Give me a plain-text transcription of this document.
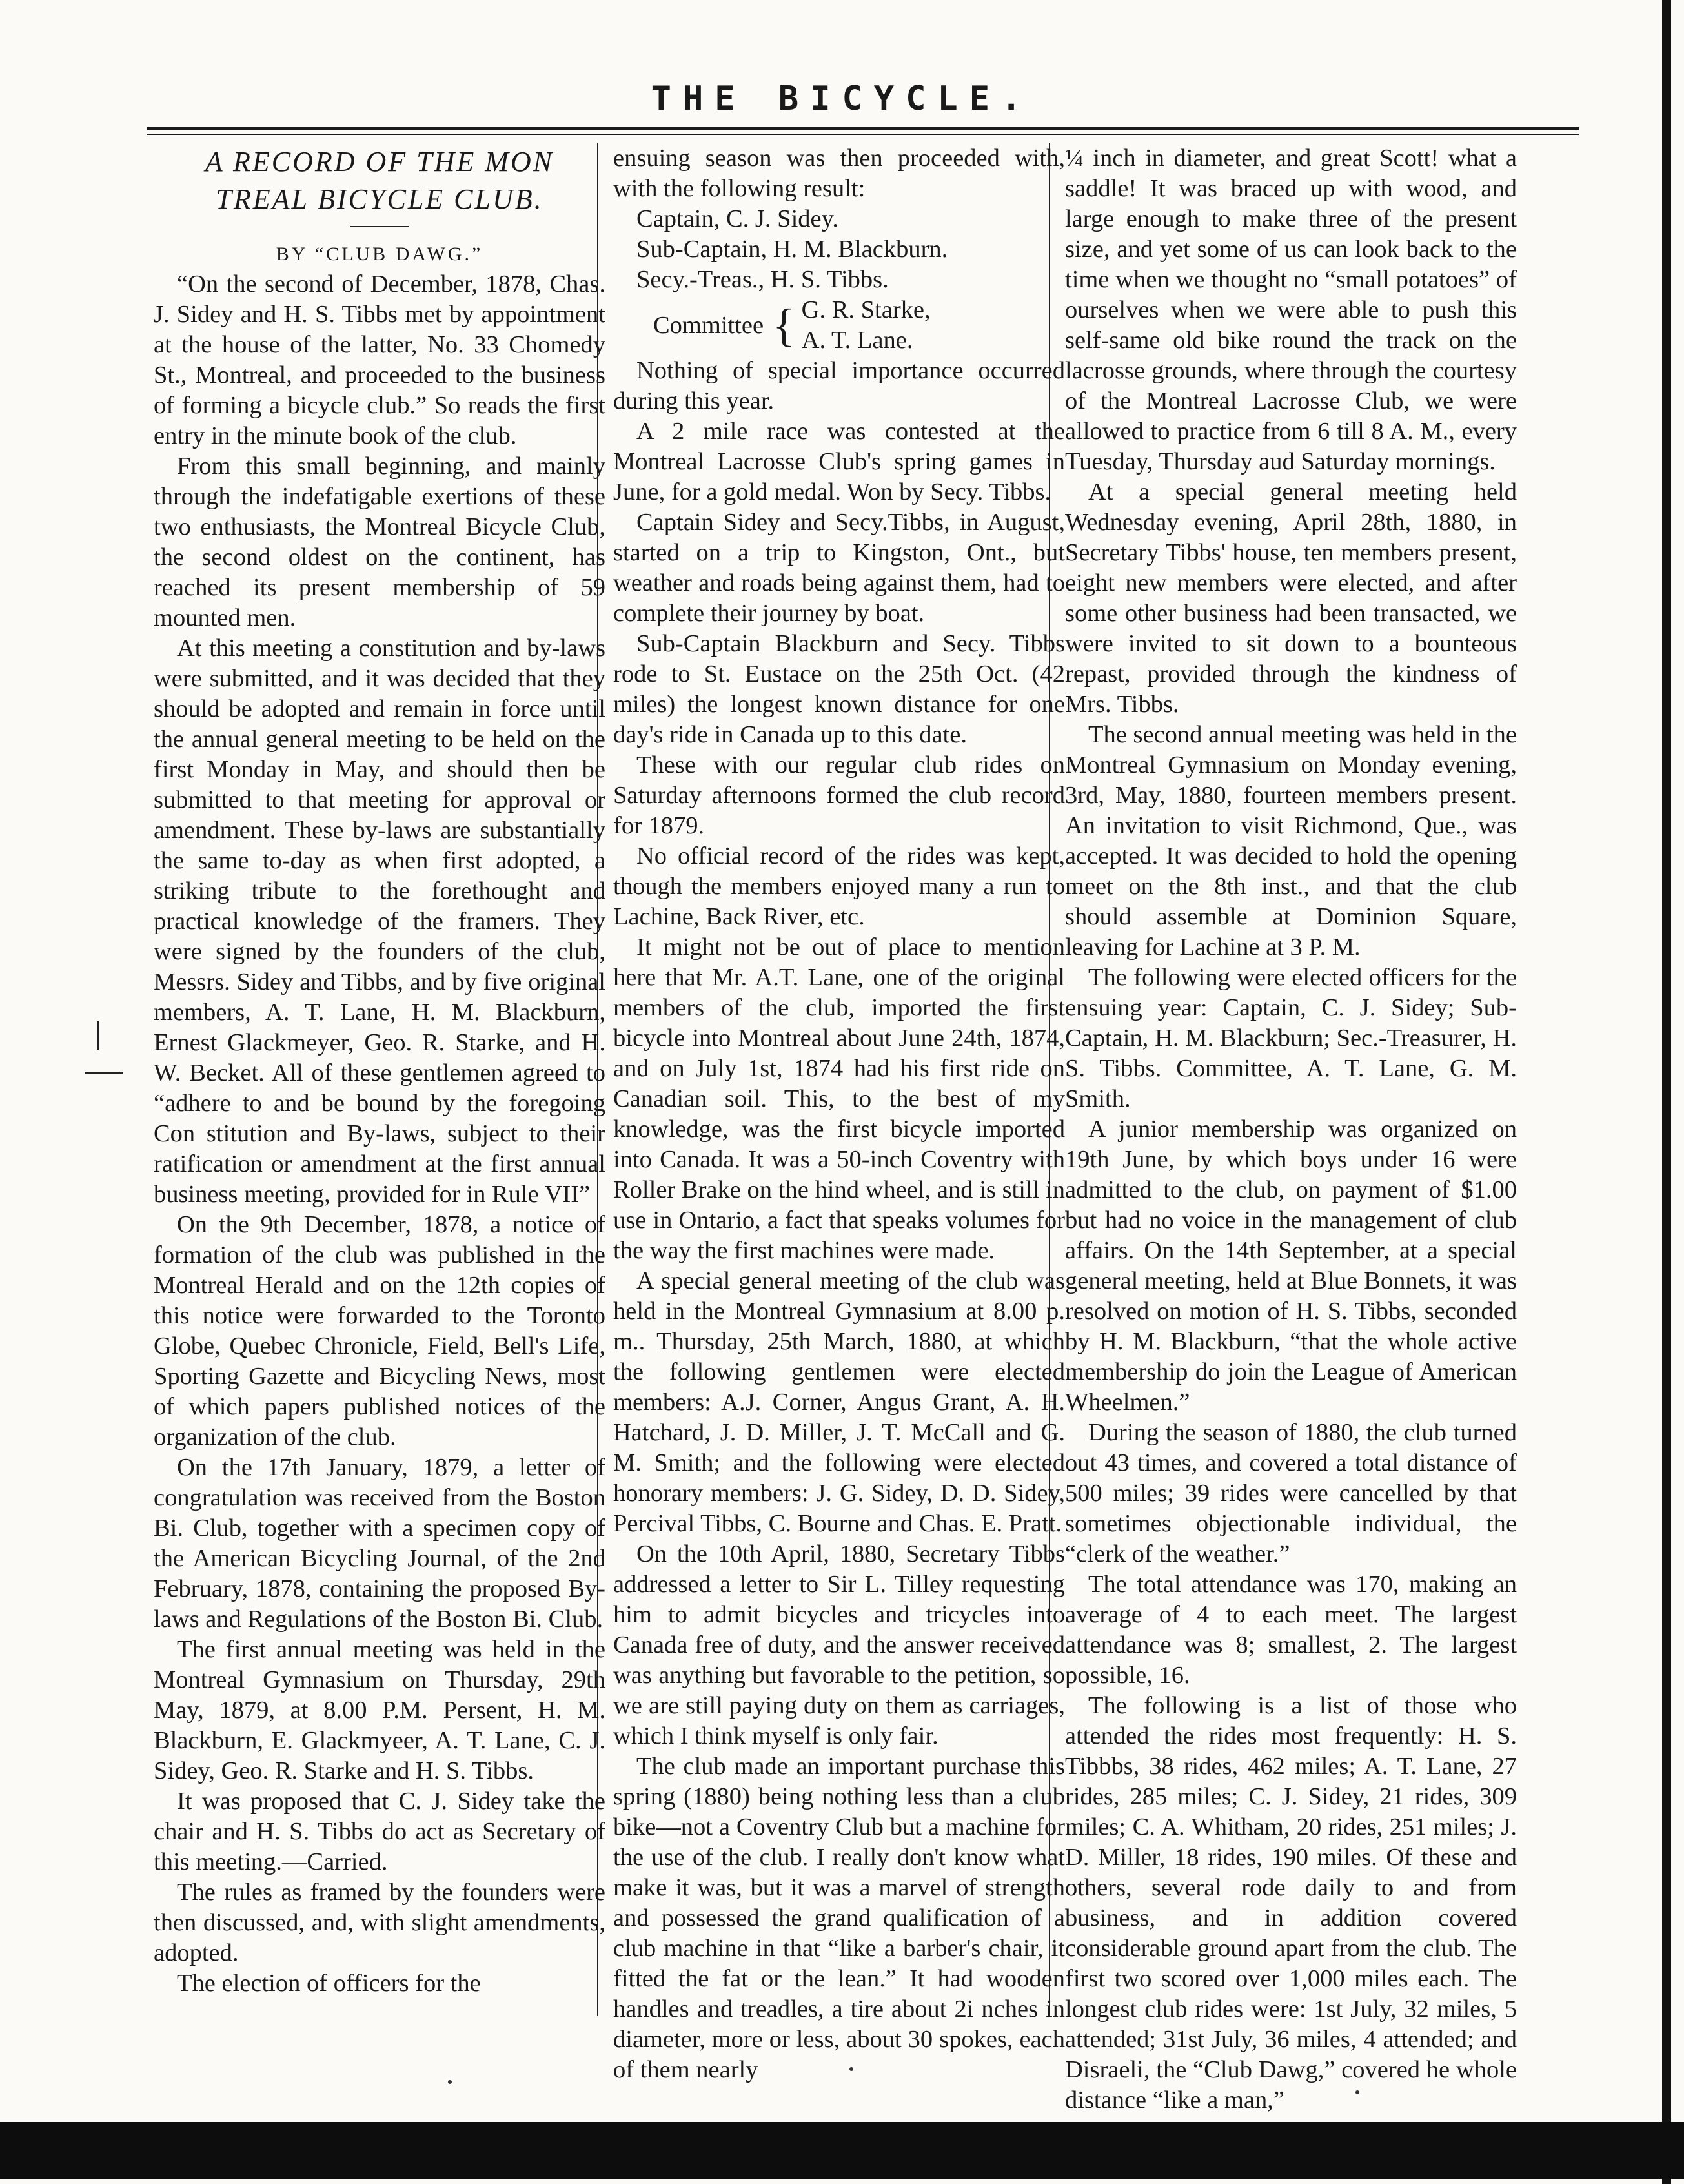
THE BICYCLE.

A RECORD OF THE MON

TREAL BICYCLE CLUB.

BY “CLUB DAWG.”

“On the second of December, 1878, Chas. J. Sidey and H. S. Tibbs met by appointment at the house of the latter, No. 33 Chomedy St., Montreal, and proceeded to the business of forming a bicycle club.” So reads the first entry in the minute book of the club.

From this small beginning, and mainly through the indefatigable exertions of these two enthusiasts, the Montreal Bicycle Club, the second oldest on the continent, has reached its present membership of 59 mounted men.

At this meeting a constitution and by-laws were submitted, and it was decided that they should be adopted and remain in force until the annual general meeting to be held on the first Monday in May, and should then be submitted to that meeting for approval or amendment. These by-laws are substantially the same to-day as when first adopted, a striking tribute to the forethought and practical knowledge of the framers. They were signed by the founders of the club, Messrs. Sidey and Tibbs, and by five original members, A. T. Lane, H. M. Blackburn, Ernest Glackmeyer, Geo. R. Starke, and H. W. Becket. All of these gentlemen agreed to “adhere to and be bound by the foregoing Con stitution and By-laws, subject to their ratification or amendment at the first annual business meeting, provided for in Rule VII”

On the 9th December, 1878, a notice of formation of the club was published in the Montreal Herald and on the 12th copies of this notice were forwarded to the Toronto Globe, Quebec Chronicle, Field, Bell's Life, Sporting Gazette and Bicycling News, most of which papers published notices of the organization of the club.

On the 17th January, 1879, a letter of congratulation was received from the Boston Bi. Club, together with a specimen copy of the American Bicycling Journal, of the 2nd February, 1878, containing the proposed By-laws and Regulations of the Boston Bi. Club.

The first annual meeting was held in the Montreal Gymnasium on Thursday, 29th May, 1879, at 8.00 P.M. Persent, H. M. Blackburn, E. Glackmyeer, A. T. Lane, C. J. Sidey, Geo. R. Starke and H. S. Tibbs.

It was proposed that C. J. Sidey take the chair and H. S. Tibbs do act as Secretary of this meeting.—Carried.

The rules as framed by the founders were then discussed, and, with slight amendments, adopted.

The election of officers for the

ensuing season was then proceeded with, with the following result:

Captain, C. J. Sidey.
Sub-Captain, H. M. Blackburn.
Secy.-Treas., H. S. Tibbs.
Committee { G. R. Starke,
A. T. Lane.

Nothing of special importance occurred during this year.

A 2 mile race was contested at the Montreal Lacrosse Club's spring games in June, for a gold medal. Won by Secy. Tibbs.

Captain Sidey and Secy.Tibbs, in August, started on a trip to Kingston, Ont., but weather and roads being against them, had to complete their journey by boat.

Sub-Captain Blackburn and Secy. Tibbs rode to St. Eustace on the 25th Oct. (42 miles) the longest known distance for one day's ride in Canada up to this date.

These with our regular club rides on Saturday afternoons formed the club record for 1879.

No official record of the rides was kept, though the members enjoyed many a run to Lachine, Back River, etc.

It might not be out of place to mention here that Mr. A.T. Lane, one of the original members of the club, imported the first bicycle into Montreal about June 24th, 1874, and on July 1st, 1874 had his first ride on Canadian soil. This, to the best of my knowledge, was the first bicycle imported into Canada. It was a 50-inch Coventry with Roller Brake on the hind wheel, and is still in use in Ontario, a fact that speaks volumes for the way the first machines were made.

A special general meeting of the club was held in the Montreal Gymnasium at 8.00 p. m.. Thursday, 25th March, 1880, at which the following gentlemen were elected members: A.J. Corner, Angus Grant, A. H. Hatchard, J. D. Miller, J. T. McCall and G. M. Smith; and the following were elected honorary members: J. G. Sidey, D. D. Sidey, Percival Tibbs, C. Bourne and Chas. E. Pratt.

On the 10th April, 1880, Secretary Tibbs addressed a letter to Sir L. Tilley requesting him to admit bicycles and tricycles into Canada free of duty, and the answer received was anything but favorable to the petition, so we are still paying duty on them as carriages, which I think myself is only fair.

The club made an important purchase this spring (1880) being nothing less than a club bike—not a Coventry Club but a machine for the use of the club. I really don't know what make it was, but it was a marvel of strength and possessed the grand qualification of a club machine in that “like a barber's chair, it fitted the fat or the lean.” It had wooden handles and treadles, a tire about 2i nches in diameter, more or less, about 30 spokes, each of them nearly

¼ inch in diameter, and great Scott! what a saddle! It was braced up with wood, and large enough to make three of the present size, and yet some of us can look back to the time when we thought no “small potatoes” of ourselves when we were able to push this self-same old bike round the track on the lacrosse grounds, where through the courtesy of the Montreal Lacrosse Club, we were allowed to practice from 6 till 8 A. M., every Tuesday, Thursday aud Saturday mornings.

At a special general meeting held Wednesday evening, April 28th, 1880, in Secretary Tibbs' house, ten members present, eight new members were elected, and after some other business had been transacted, we were invited to sit down to a bounteous repast, provided through the kindness of Mrs. Tibbs.

The second annual meeting was held in the Montreal Gymnasium on Monday evening, 3rd, May, 1880, fourteen members present. An invitation to visit Richmond, Que., was accepted. It was decided to hold the opening meet on the 8th inst., and that the club should assemble at Dominion Square, leaving for Lachine at 3 P. M.

The following were elected officers for the ensuing year: Captain, C. J. Sidey; Sub-Captain, H. M. Blackburn; Sec.-Treasurer, H. S. Tibbs. Committee, A. T. Lane, G. M. Smith.

A junior membership was organized on 19th June, by which boys under 16 were admitted to the club, on payment of $1.00 but had no voice in the management of club affairs. On the 14th September, at a special general meeting, held at Blue Bonnets, it was resolved on motion of H. S. Tibbs, seconded by H. M. Blackburn, “that the whole active membership do join the League of American Wheelmen.”

During the season of 1880, the club turned out 43 times, and covered a total distance of 500 miles; 39 rides were cancelled by that sometimes objectionable individual, the “clerk of the weather.”

The total attendance was 170, making an average of 4 to each meet. The largest attendance was 8; smallest, 2. The largest possible, 16.

The following is a list of those who attended the rides most frequently: H. S. Tibbbs, 38 rides, 462 miles; A. T. Lane, 27 rides, 285 miles; C. J. Sidey, 21 rides, 309 miles; C. A. Whitham, 20 rides, 251 miles; J. D. Miller, 18 rides, 190 miles. Of these and others, several rode daily to and from business, and in addition covered considerable ground apart from the club. The first two scored over 1,000 miles each. The longest club rides were: 1st July, 32 miles, 5 attended; 31st July, 36 miles, 4 attended; and Disraeli, the “Club Dawg,” covered he whole distance “like a man,”
